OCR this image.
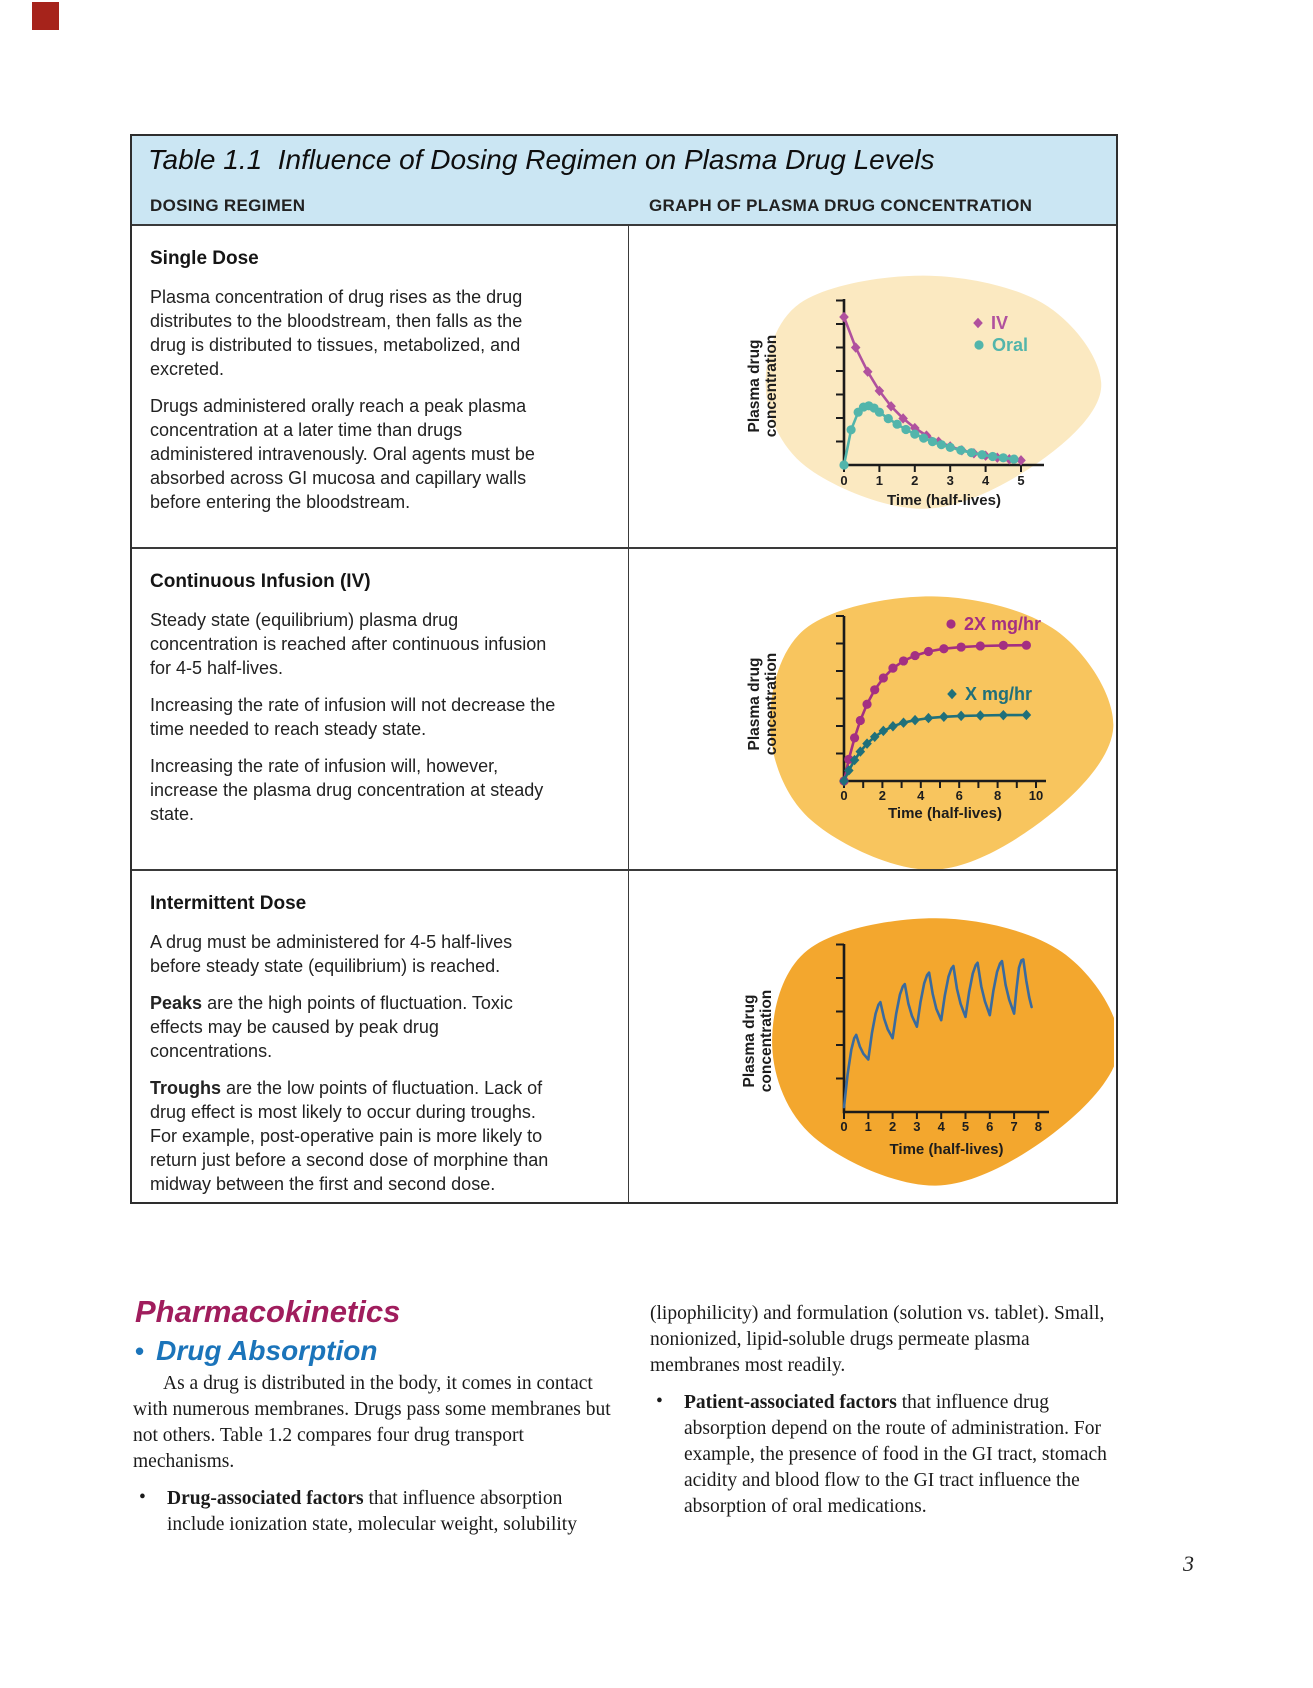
Table 1.1  Influence of Dosing Regimen on Plasma Drug Levels
DOSING REGIMEN	GRAPH OF PLASMA DRUG CONCENTRATION
Single Dose

Plasma concentration of drug rises as the drug distributes to the bloodstream, then falls as the drug is distributed to tissues, metabolized, and excreted.

Drugs administered orally reach a peak plasma concentration at a later time than drugs administered intravenously. Oral agents must be absorbed across GI mucosa and capillary walls before entering the bloodstream.

0 1 2 3 4 5
Time (half-lives)
Plasma drugconcentration
IV
Oral
Continuous Infusion (IV)

Steady state (equilibrium) plasma drug concentration is reached after continuous infusion for 4-5 half-lives.

Increasing the rate of infusion will not decrease the time needed to reach steady state.

Increasing the rate of infusion will, however, increase the plasma drug concentration at steady state.

0 2 4 6 8 10
Time (half-lives)
Plasma drugconcentration
2X mg/hr
X mg/hr
Intermittent Dose

A drug must be administered for 4-5 half-lives before steady state (equilibrium) is reached.

Peaks are the high points of fluctuation. Toxic effects may be caused by peak drug concentrations.

Troughs are the low points of fluctuation. Lack of drug effect is most likely to occur during troughs. For example, post-operative pain is more likely to return just before a second dose of morphine than midway between the first and second dose.

0 1 2 3 4 5 6 7 8
Time (half-lives)
Plasma drugconcentration
Pharmacokinetics
• Drug Absorption

As a drug is distributed in the body, it comes in contact with numerous membranes. Drugs pass some membranes but not others. Table 1.2 compares four drug transport mechanisms.

• Drug-associated factors that influence absorption include ionization state, molecular weight, solubility

(lipophilicity) and formulation (solution vs. tablet). Small, nonionized, lipid-soluble drugs permeate plasma membranes most readily.

• Patient-associated factors that influence drug absorption depend on the route of administration. For example, the presence of food in the GI tract, stomach acidity and blood flow to the GI tract influence the absorption of oral medications.
3
